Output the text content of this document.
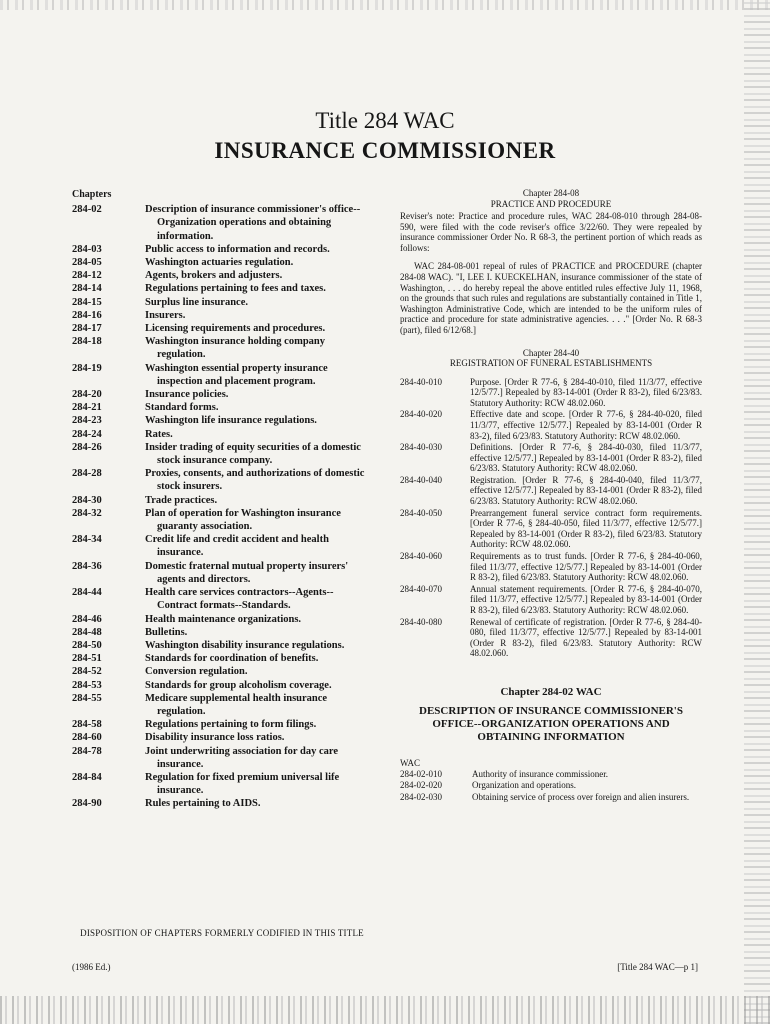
Title 284 WAC
INSURANCE COMMISSIONER
Chapters
284-02	Description of insurance commissioner's office--Organization operations and obtaining information.
284-03	Public access to information and records.
284-05	Washington actuaries regulation.
284-12	Agents, brokers and adjusters.
284-14	Regulations pertaining to fees and taxes.
284-15	Surplus line insurance.
284-16	Insurers.
284-17	Licensing requirements and procedures.
284-18	Washington insurance holding company regulation.
284-19	Washington essential property insurance inspection and placement program.
284-20	Insurance policies.
284-21	Standard forms.
284-23	Washington life insurance regulations.
284-24	Rates.
284-26	Insider trading of equity securities of a domestic stock insurance company.
284-28	Proxies, consents, and authorizations of domestic stock insurers.
284-30	Trade practices.
284-32	Plan of operation for Washington insurance guaranty association.
284-34	Credit life and credit accident and health insurance.
284-36	Domestic fraternal mutual property insurers' agents and directors.
284-44	Health care services contractors--Agents--Contract formats--Standards.
284-46	Health maintenance organizations.
284-48	Bulletins.
284-50	Washington disability insurance regulations.
284-51	Standards for coordination of benefits.
284-52	Conversion regulation.
284-53	Standards for group alcoholism coverage.
284-55	Medicare supplemental health insurance regulation.
284-58	Regulations pertaining to form filings.
284-60	Disability insurance loss ratios.
284-78	Joint underwriting association for day care insurance.
284-84	Regulation for fixed premium universal life insurance.
284-90	Rules pertaining to AIDS.
DISPOSITION OF CHAPTERS FORMERLY CODIFIED IN THIS TITLE
Chapter 284-08
PRACTICE AND PROCEDURE
Reviser's note: Practice and procedure rules, WAC 284-08-010 through 284-08-590, were filed with the code reviser's office 3/22/60. They were repealed by insurance commissioner Order No. R 68-3, the pertinent portion of which reads as follows:
WAC 284-08-001 repeal of rules of PRACTICE and PROCEDURE (chapter 284-08 WAC). "I, LEE I. KUECKELHAN, insurance commissioner of the state of Washington, . . . do hereby repeal the above entitled rules effective July 11, 1968, on the grounds that such rules and regulations are substantially contained in Title 1, Washington Administrative Code, which are intended to be the uniform rules of practice and procedure for state administrative agencies. . . ." [Order No. R 68-3 (part), filed 6/12/68.]
Chapter 284-40
REGISTRATION OF FUNERAL ESTABLISHMENTS
284-40-010	Purpose. [Order R 77-6, § 284-40-010, filed 11/3/77, effective 12/5/77.] Repealed by 83-14-001 (Order R 83-2), filed 6/23/83. Statutory Authority: RCW 48.02.060.
284-40-020	Effective date and scope. [Order R 77-6, § 284-40-020, filed 11/3/77, effective 12/5/77.] Repealed by 83-14-001 (Order R 83-2), filed 6/23/83. Statutory Authority: RCW 48.02.060.
284-40-030	Definitions. [Order R 77-6, § 284-40-030, filed 11/3/77, effective 12/5/77.] Repealed by 83-14-001 (Order R 83-2), filed 6/23/83. Statutory Authority: RCW 48.02.060.
284-40-040	Registration. [Order R 77-6, § 284-40-040, filed 11/3/77, effective 12/5/77.] Repealed by 83-14-001 (Order R 83-2), filed 6/23/83. Statutory Authority: RCW 48.02.060.
284-40-050	Prearrangement funeral service contract form requirements. [Order R 77-6, § 284-40-050, filed 11/3/77, effective 12/5/77.] Repealed by 83-14-001 (Order R 83-2), filed 6/23/83. Statutory Authority: RCW 48.02.060.
284-40-060	Requirements as to trust funds. [Order R 77-6, § 284-40-060, filed 11/3/77, effective 12/5/77.] Repealed by 83-14-001 (Order R 83-2), filed 6/23/83. Statutory Authority: RCW 48.02.060.
284-40-070	Annual statement requirements. [Order R 77-6, § 284-40-070, filed 11/3/77, effective 12/5/77.] Repealed by 83-14-001 (Order R 83-2), filed 6/23/83. Statutory Authority: RCW 48.02.060.
284-40-080	Renewal of certificate of registration. [Order R 77-6, § 284-40-080, filed 11/3/77, effective 12/5/77.] Repealed by 83-14-001 (Order R 83-2), filed 6/23/83. Statutory Authority: RCW 48.02.060.
Chapter 284-02 WAC
DESCRIPTION OF INSURANCE COMMISSIONER'S OFFICE--ORGANIZATION OPERATIONS AND OBTAINING INFORMATION
WAC
284-02-010	Authority of insurance commissioner.
284-02-020	Organization and operations.
284-02-030	Obtaining service of process over foreign and alien insurers.
(1986 Ed.)	[Title 284 WAC—p 1]
